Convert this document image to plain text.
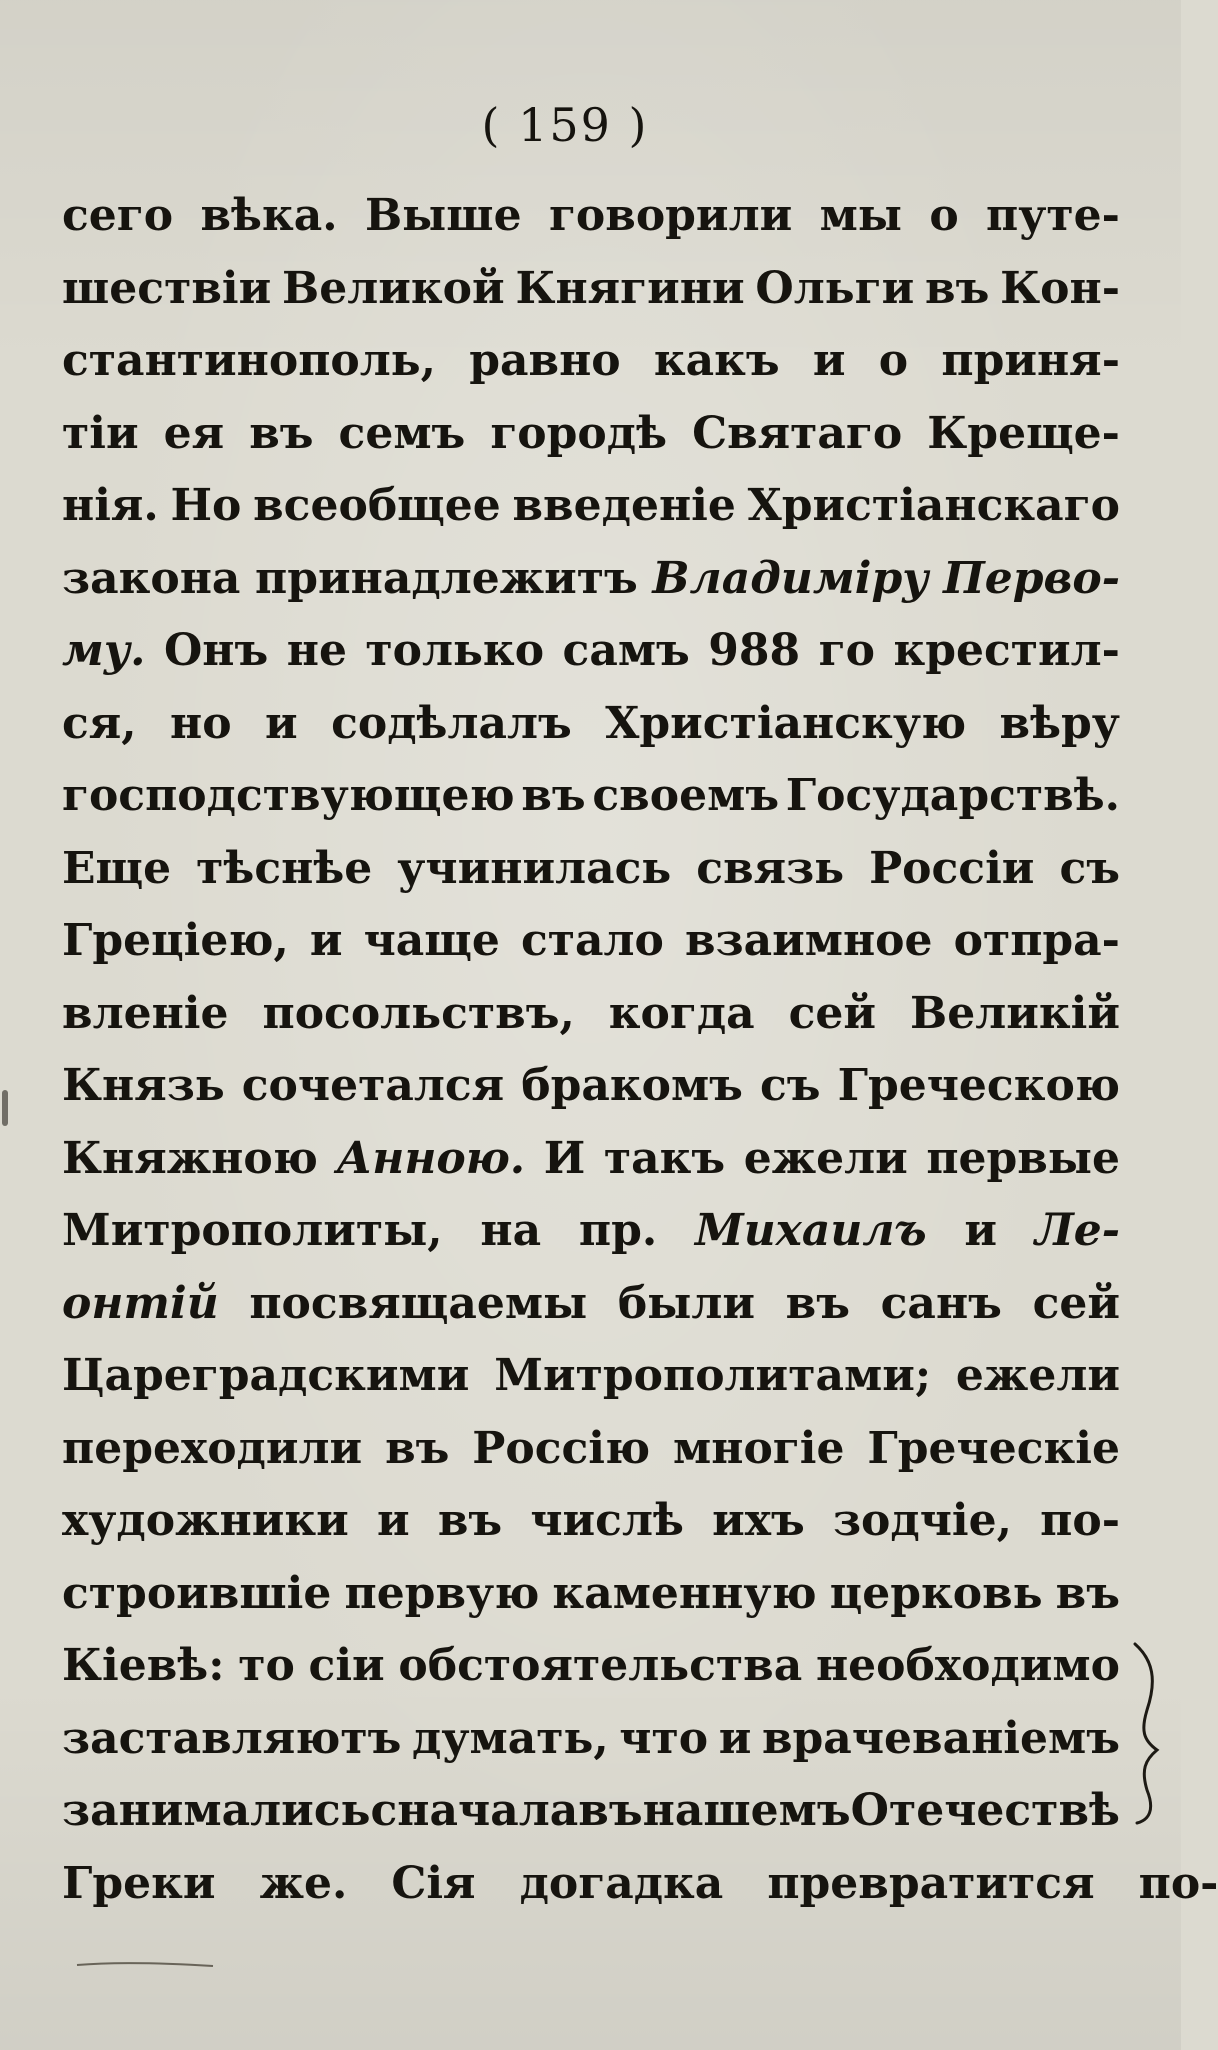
( 159 )
сего вѣка. Выше говорили мы о путе-
шествіи Великой Княгини Ольги въ Кон-
стантинополь, равно какъ и о приня-
тіи ея въ семъ городѣ Святаго Креще-
нія. Но всеобщее введеніе Христіанскаго
закона принадлежитъ Владиміру Перво-
му. Онъ не только самъ 988 го крестил-
ся, но и содѣлалъ Христіанскую вѣру
господствующею въ своемъ Государствѣ.
Еще тѣснѣе учинилась связь Россіи съ
Греціею, и чаще стало взаимное отпра-
вленіе посольствъ, когда сей Великій
Князь сочетался бракомъ съ Греческою
Княжною Анною. И такъ ежели первые
Митрополиты, на пр. Михаилъ и Ле-
онтій посвящаемы были въ санъ сей
Цареградскими Митрополитами; ежели
переходили въ Россію многіе Греческіе
художники и въ числѣ ихъ зодчіе, по-
строившіе первую каменную церковь въ
Кіевѣ: то сіи обстоятельства необходимо
заставляютъ думать, что и врачеваніемъ
занимались сначала въ нашемъ Отечествѣ
Греки же. Сія догадка превратится по-
